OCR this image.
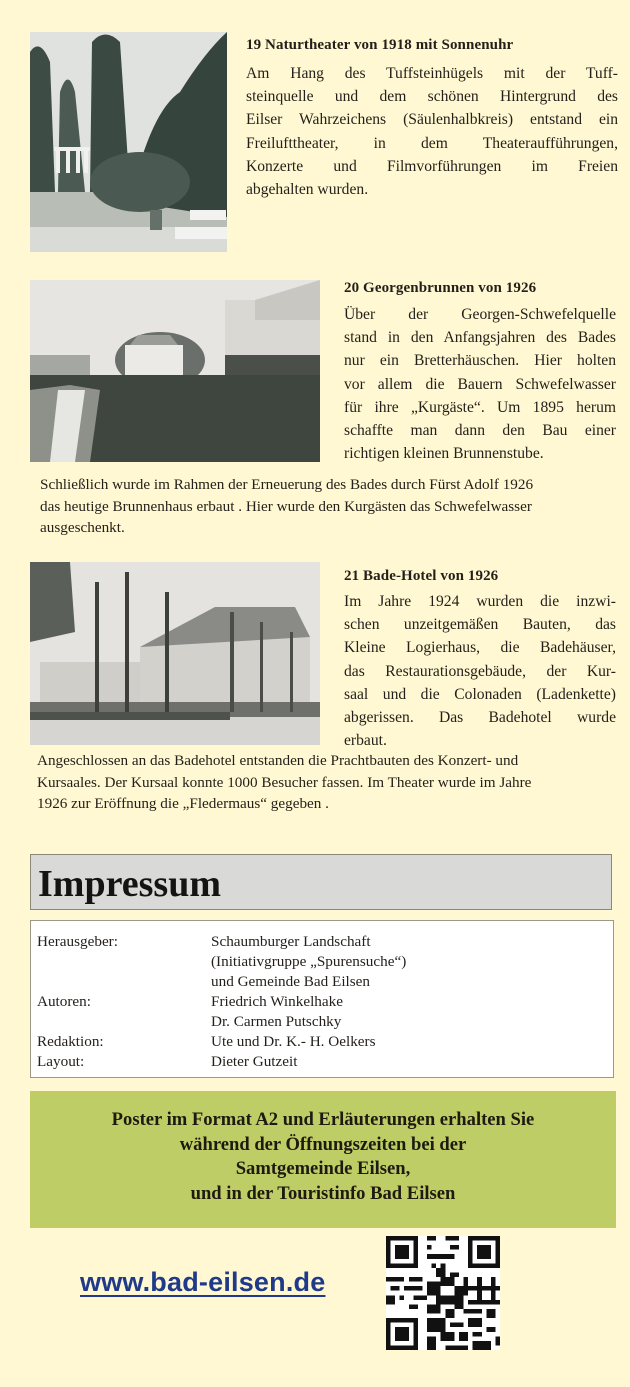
19 Naturtheater von 1918 mit Sonnenuhr
Am Hang des Tuffsteinhügels mit der Tuff-
steinquelle und dem schönen Hintergrund des
Eilser Wahrzeichens (Säulenhalbkreis) entstand ein
Freilufttheater, in dem Theateraufführungen,
Konzerte und Filmvorführungen im Freien
abgehalten wurden.
20 Georgenbrunnen von 1926
Über der Georgen-Schwefelquelle
stand in den Anfangsjahren des Bades
nur ein Bretterhäuschen. Hier holten
vor allem die Bauern Schwefelwasser
für ihre „Kurgäste“. Um 1895 herum
schaffte man dann den Bau einer
richtigen kleinen Brunnenstube.
Schließlich wurde im Rahmen der Erneuerung des Bades durch Fürst Adolf 1926
das heutige Brunnenhaus erbaut . Hier wurde den Kurgästen das Schwefelwasser
ausgeschenkt.
21 Bade-Hotel von 1926
Im Jahre 1924 wurden die inzwi-
schen unzeitgemäßen Bauten, das
Kleine Logierhaus, die Badehäuser,
das Restaurationsgebäude, der Kur-
saal und die Colonaden (Ladenkette)
abgerissen. Das Badehotel wurde
erbaut.
Angeschlossen an das Badehotel entstanden die Prachtbauten des Konzert- und
Kursaales. Der Kursaal konnte 1000 Besucher fassen. Im Theater wurde im Jahre
1926 zur Eröffnung die „Fledermaus“ gegeben .
Impressum
Herausgeber:	Schaumburger Landschaft
(Initiativgruppe „Spurensuche“)
und Gemeinde Bad Eilsen
Autoren:	Friedrich Winkelhake
Dr. Carmen Putschky
Redaktion:	Ute und Dr. K.- H. Oelkers
Layout:	Dieter Gutzeit
Poster im Format A2 und Erläuterungen erhalten Sie
während der Öffnungszeiten bei der
Samtgemeinde Eilsen,
und in der Touristinfo Bad Eilsen
www.bad-eilsen.de
